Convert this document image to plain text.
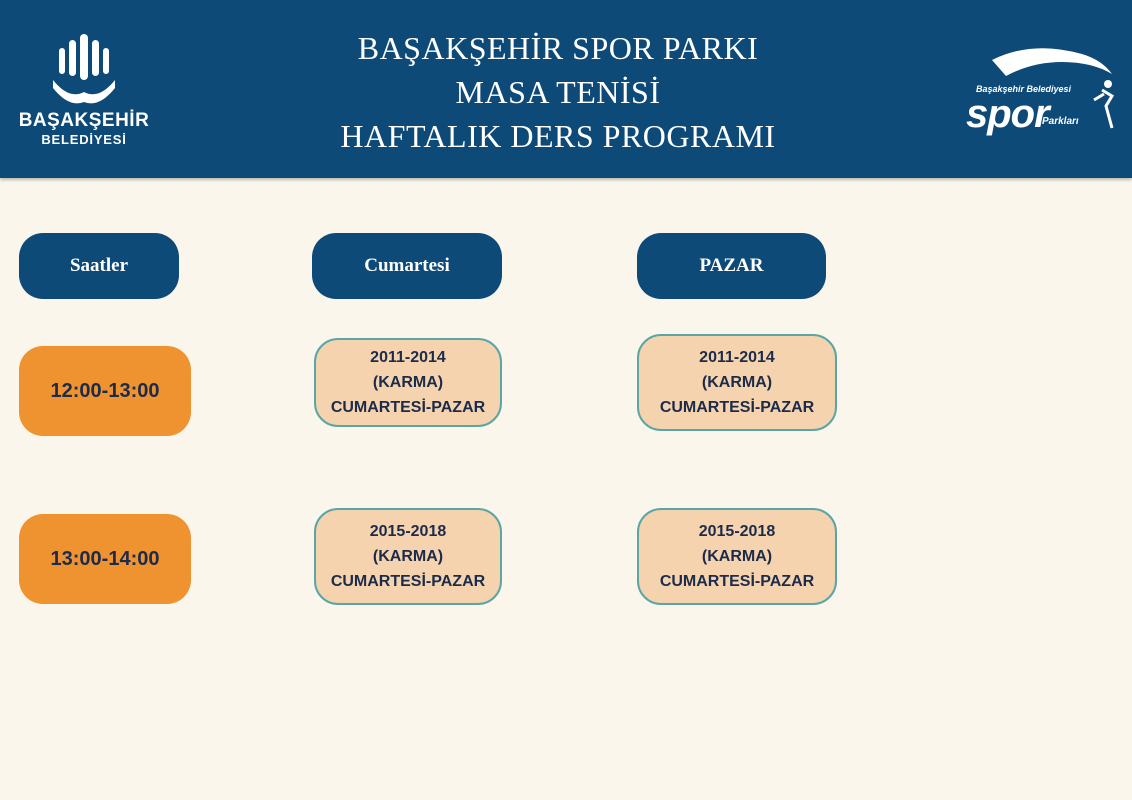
BAŞAKŞEHİR
BELEDİYESİ
BAŞAKŞEHİR SPOR PARKI
MASA TENİSİ
HAFTALIK DERS PROGRAMI
Başakşehir Belediyesi
spor
Parkları
Saatler	Cumartesi	PAZAR
12:00-13:00
2011-2014
(KARMA)
CUMARTESİ-PAZAR
2011-2014
(KARMA)
CUMARTESİ-PAZAR
13:00-14:00
2015-2018
(KARMA)
CUMARTESİ-PAZAR
2015-2018
(KARMA)
CUMARTESİ-PAZAR
